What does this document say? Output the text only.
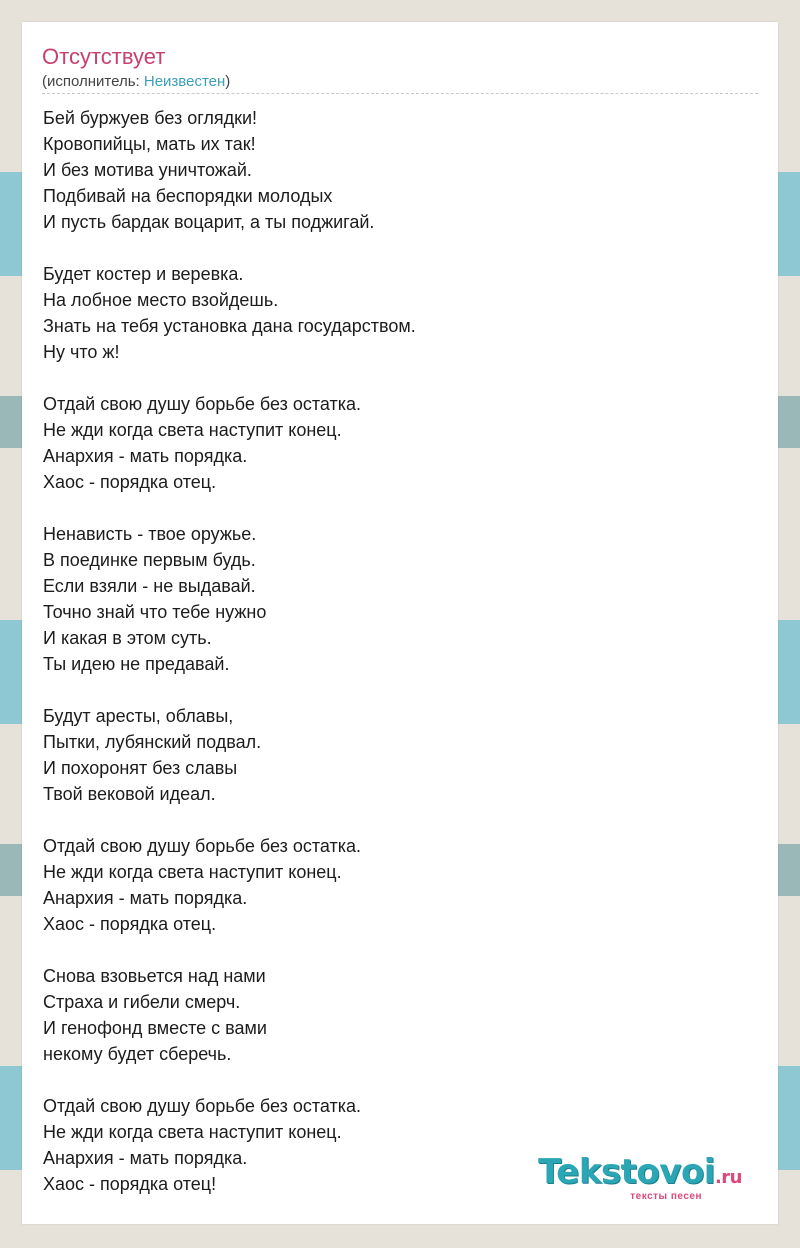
Отсутствует
(исполнитель: Неизвестен)
Бей буржуев без оглядки!
Кровопийцы, мать их так!
И без мотива уничтожай.
Подбивай на беспорядки молодых
И пусть бардак воцарит, а ты поджигай.
Будет костер и веревка.
На лобное место взойдешь.
Знать на тебя установка дана государством.
Ну что ж!
Отдай свою душу борьбе без остатка.
Не жди когда света наступит конец.
Анархия - мать порядка.
Хаос - порядка отец.
Ненависть - твое оружье.
В поединке первым будь.
Если взяли - не выдавай.
Точно знай что тебе нужно
И какая в этом суть.
Ты идею не предавай.
Будут аресты, облавы,
Пытки, лубянский подвал.
И похоронят без славы
Твой вековой идеал.
Отдай свою душу борьбе без остатка.
Не жди когда света наступит конец.
Анархия - мать порядка.
Хаос - порядка отец.
Снова взовьется над нами
Страха и гибели смерч.
И генофонд вместе с вами
некому будет сберечь.
Отдай свою душу борьбе без остатка.
Не жди когда света наступит конец.
Анархия - мать порядка.
Хаос - порядка отец!	Tekstovoi.ru
тексты песен
